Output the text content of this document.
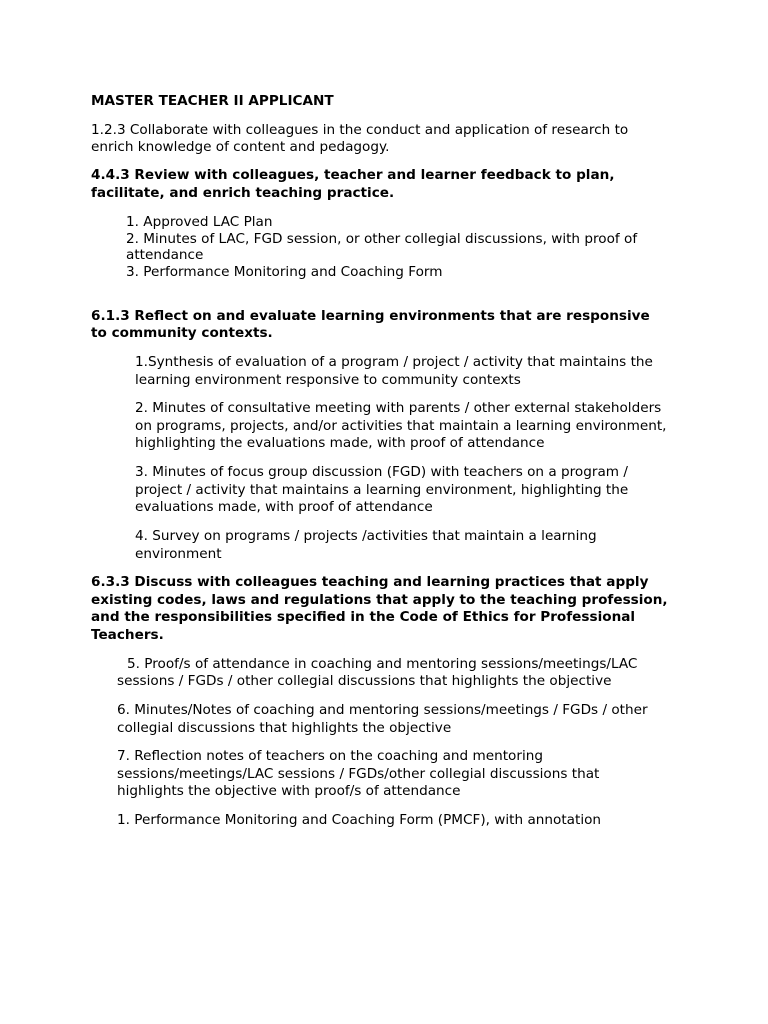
MASTER TEACHER II APPLICANT
1.2.3 Collaborate with colleagues in the conduct and application of research to
enrich knowledge of content and pedagogy.
4.4.3 Review with colleagues, teacher and learner feedback to plan,
facilitate, and enrich teaching practice.
1. Approved LAC Plan
2. Minutes of LAC, FGD session, or other collegial discussions, with proof of
attendance
3. Performance Monitoring and Coaching Form
6.1.3 Reflect on and evaluate learning environments that are responsive
to community contexts.
1.Synthesis of evaluation of a program / project / activity that maintains the
learning environment responsive to community contexts
2. Minutes of consultative meeting with parents / other external stakeholders
on programs, projects, and/or activities that maintain a learning environment,
highlighting the evaluations made, with proof of attendance
3. Minutes of focus group discussion (FGD) with teachers on a program /
project / activity that maintains a learning environment, highlighting the
evaluations made, with proof of attendance
4. Survey on programs / projects /activities that maintain a learning
environment
6.3.3 Discuss with colleagues teaching and learning practices that apply
existing codes, laws and regulations that apply to the teaching profession,
and the responsibilities specified in the Code of Ethics for Professional
Teachers.
5. Proof/s of attendance in coaching and mentoring sessions/meetings/LAC
sessions / FGDs / other collegial discussions that highlights the objective
6. Minutes/Notes of coaching and mentoring sessions/meetings / FGDs / other
collegial discussions that highlights the objective
7. Reflection notes of teachers on the coaching and mentoring
sessions/meetings/LAC sessions / FGDs/other collegial discussions that
highlights the objective with proof/s of attendance
1. Performance Monitoring and Coaching Form (PMCF), with annotation
